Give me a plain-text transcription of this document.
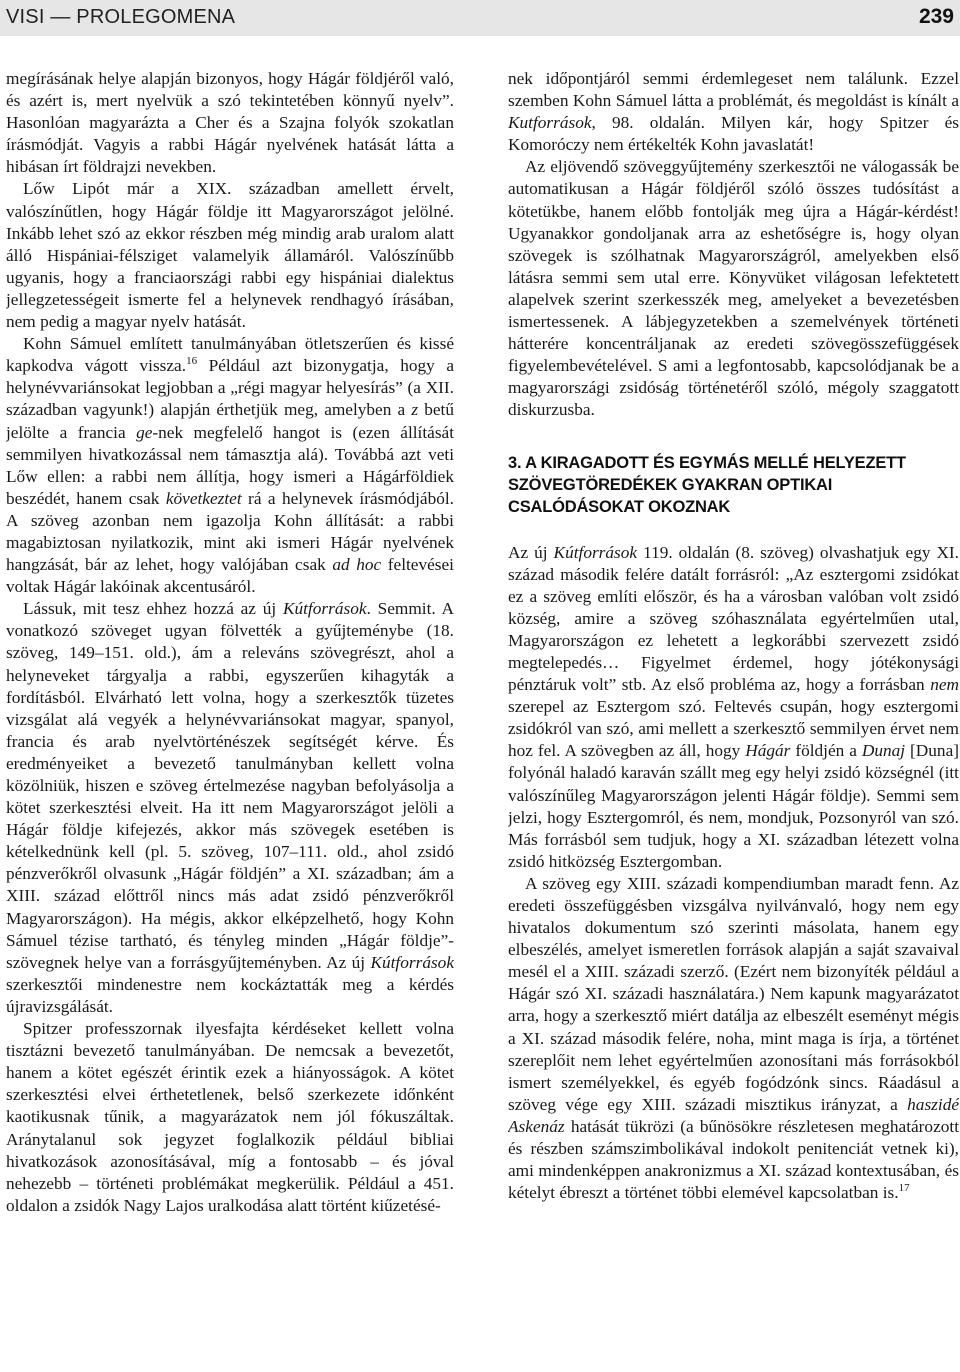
VISI — PROLEGOMENA	239

megírásának helye alapján bizonyos, hogy Hágár földjéről való, és azért is, mert nyelvük a szó tekintetében könnyű nyelv”. Hasonlóan magyarázta a Cher és a Szajna folyók szokatlan írásmódját. Vagyis a rabbi Hágár nyelvének hatását látta a hibásan írt földrajzi nevekben.

Lőw Lipót már a XIX. században amellett érvelt, valószínűtlen, hogy Hágár földje itt Magyarországot jelölné. Inkább lehet szó az ekkor részben még mindig arab uralom alatt álló Hispániai-félsziget valamelyik államáról. Valószínűbb ugyanis, hogy a franciaországi rabbi egy hispániai dialektus jellegzetességeit ismerte fel a helynevek rendhagyó írásában, nem pedig a magyar nyelv hatását.

Kohn Sámuel említett tanulmányában ötletszerűen és kissé kapkodva vágott vissza.$^{16}$ Például azt bizonygatja, hogy a helynévvariánsokat legjobban a „régi magyar helyesírás” (a XII. században vagyunk!) alapján érthetjük meg, amelyben a z betű jelölte a francia ge-nek megfelelő hangot is (ezen állítását semmilyen hivatkozással nem támasztja alá). Továbbá azt veti Lőw ellen: a rabbi nem állítja, hogy ismeri a Hágárföldiek beszédét, hanem csak következtet rá a helynevek írásmódjából. A szöveg azonban nem igazolja Kohn állítását: a rabbi magabiztosan nyilatkozik, mint aki ismeri Hágár nyelvének hangzását, bár az lehet, hogy valójában csak ad hoc feltevései voltak Hágár lakóinak akcentusáról.

Lássuk, mit tesz ehhez hozzá az új Kútforrások. Semmit. A vonatkozó szöveget ugyan fölvették a gyűjteménybe (18. szöveg, 149–151. old.), ám a releváns szövegrészt, ahol a helyneveket tárgyalja a rabbi, egyszerűen kihagyták a fordításból. Elvárható lett volna, hogy a szerkesztők tüzetes vizsgálat alá vegyék a helynévvariánsokat magyar, spanyol, francia és arab nyelvtörténészek segítségét kérve. És eredményeiket a bevezető tanulmányban kellett volna közölniük, hiszen e szöveg értelmezése nagyban befolyásolja a kötet szerkesztési elveit. Ha itt nem Magyarországot jelöli a Hágár földje kifejezés, akkor más szövegek esetében is kételkednünk kell (pl. 5. szöveg, 107–111. old., ahol zsidó pénzverőkről olvasunk „Hágár földjén” a XI. században; ám a XIII. század előttről nincs más adat zsidó pénzverőkről Magyarországon). Ha mégis, akkor elképzelhető, hogy Kohn Sámuel tézise tartható, és tényleg minden „Hágár földje”-szövegnek helye van a forrásgyűjteményben. Az új Kútforrások szerkesztői mindenestre nem kockáztatták meg a kérdés újravizsgálását.

Spitzer professzornak ilyesfajta kérdéseket kellett volna tisztázni bevezető tanulmányában. De nemcsak a bevezetőt, hanem a kötet egészét érintik ezek a hiányosságok. A kötet szerkesztési elvei érthetetlenek, belső szerkezete időnként kaotikusnak tűnik, a magyarázatok nem jól fókuszáltak. Aránytalanul sok jegyzet foglalkozik például bibliai hivatkozások azonosításával, míg a fontosabb – és jóval nehezebb – történeti problémákat megkerülik. Például a 451. oldalon a zsidók Nagy Lajos uralkodása alatt történt kiűzetésé-

nek időpontjáról semmi érdemlegeset nem találunk. Ezzel szemben Kohn Sámuel látta a problémát, és megoldást is kínált a Kutforrások, 98. oldalán. Milyen kár, hogy Spitzer és Komoróczy nem értékelték Kohn javaslatát!

Az eljövendő szöveggyűjtemény szerkesztői ne válogassák be automatikusan a Hágár földjéről szóló összes tudósítást a kötetükbe, hanem előbb fontolják meg újra a Hágár-kérdést! Ugyanakkor gondoljanak arra az eshetőségre is, hogy olyan szövegek is szólhatnak Magyarországról, amelyekben első látásra semmi sem utal erre. Könyvüket világosan lefektetett alapelvek szerint szerkesszék meg, amelyeket a bevezetésben ismertessenek. A lábjegyzetekben a szemelvények történeti hátterére koncentráljanak az eredeti szövegösszefüggések figyelembevételével. S ami a legfontosabb, kapcsolódjanak be a magyarországi zsidóság történetéről szóló, mégoly szaggatott diskurzusba.

3. A KIRAGADOTT ÉS EGYMÁS MELLÉ HELYEZETT SZÖVEGTÖREDÉKEK GYAKRAN OPTIKAI CSALÓDÁSOKAT OKOZNAK

Az új Kútforrások 119. oldalán (8. szöveg) olvashatjuk egy XI. század második felére datált forrásról: „Az esztergomi zsidókat ez a szöveg említi először, és ha a városban valóban volt zsidó község, amire a szöveg szóhasználata egyértelműen utal, Magyarországon ez lehetett a legkorábbi szervezett zsidó megtelepedés… Figyelmet érdemel, hogy jótékonysági pénztáruk volt” stb. Az első probléma az, hogy a forrásban nem szerepel az Esztergom szó. Feltevés csupán, hogy esztergomi zsidókról van szó, ami mellett a szerkesztő semmilyen érvet nem hoz fel. A szövegben az áll, hogy Hágár földjén a Dunaj [Duna] folyónál haladó karaván szállt meg egy helyi zsidó községnél (itt valószínűleg Magyarországon jelenti Hágár földje). Semmi sem jelzi, hogy Esztergomról, és nem, mondjuk, Pozsonyról van szó. Más forrásból sem tudjuk, hogy a XI. században létezett volna zsidó hitközség Esztergomban.

A szöveg egy XIII. századi kompendiumban maradt fenn. Az eredeti összefüggésben vizsgálva nyilvánvaló, hogy nem egy hivatalos dokumentum szó szerinti másolata, hanem egy elbeszélés, amelyet ismeretlen források alapján a saját szavaival mesél el a XIII. századi szerző. (Ezért nem bizonyíték például a Hágár szó XI. századi használatára.) Nem kapunk magyarázatot arra, hogy a szerkesztő miért datálja az elbeszélt eseményt mégis a XI. század második felére, noha, mint maga is írja, a történet szereplőit nem lehet egyértelműen azonosítani más forrásokból ismert személyekkel, és egyéb fogódzónk sincs. Ráadásul a szöveg vége egy XIII. századi misztikus irányzat, a haszidé Askenáz hatását tükrözi (a bűnösökre részletesen meghatározott és részben számszimbolikával indokolt penitenciát vetnek ki), ami mindenképpen anakronizmus a XI. század kontextusában, és kételyt ébreszt a történet többi elemével kapcsolatban is.$^{17}$
